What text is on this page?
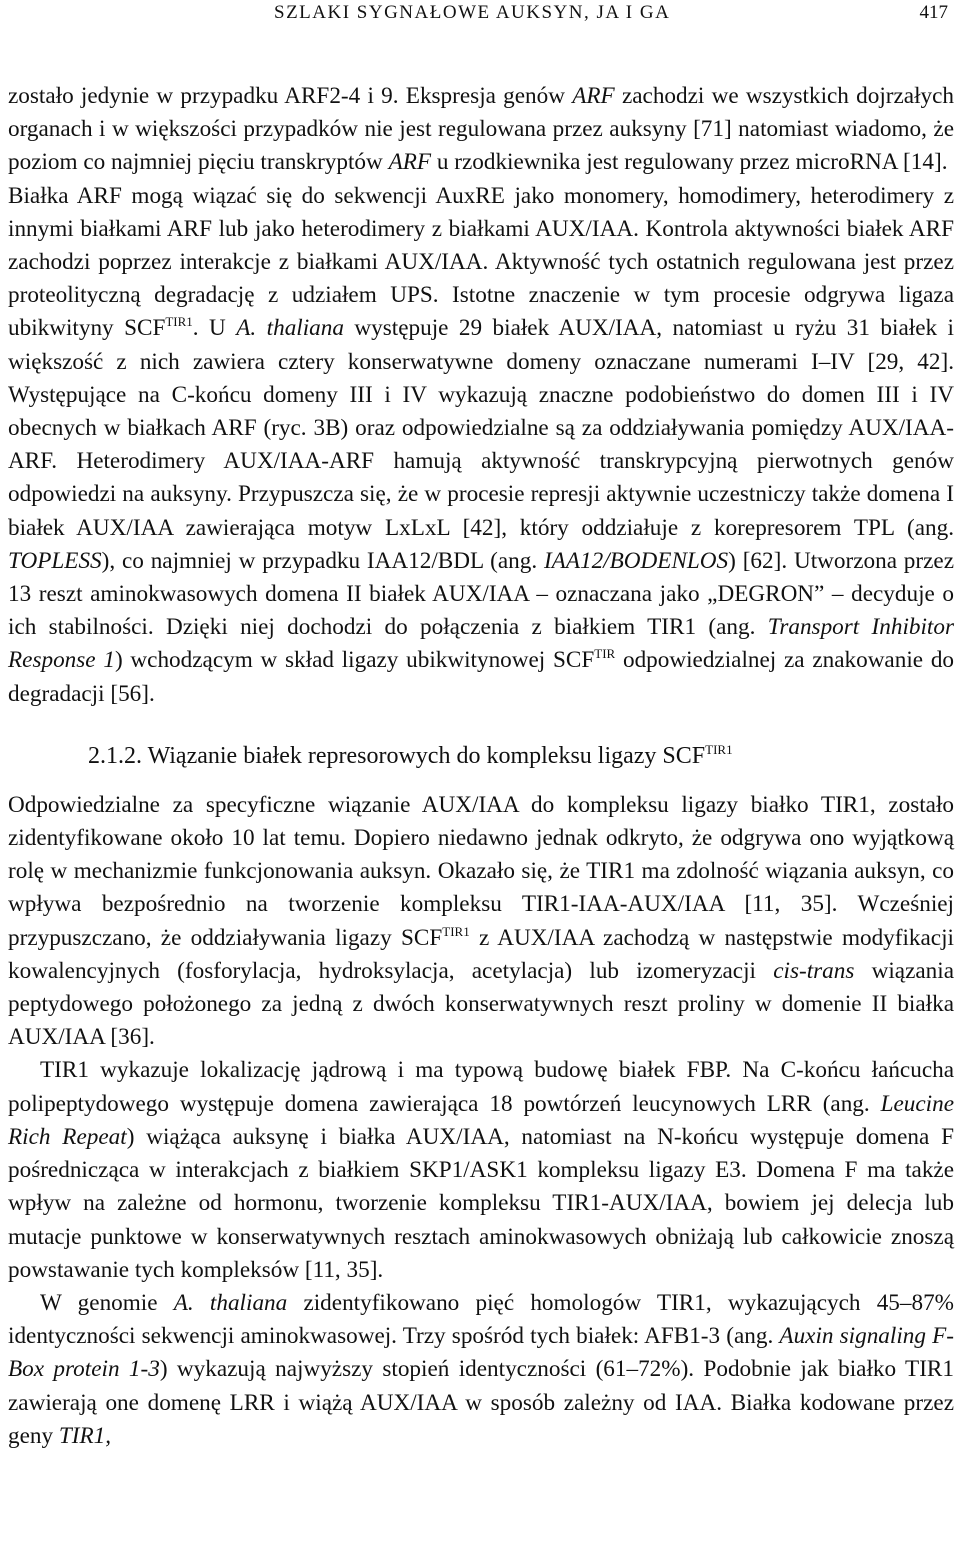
SZLAKI SYGNAŁOWE AUKSYN, JA I GA	417

zostało jedynie w przypadku ARF2-4 i 9. Ekspresja genów ARF zachodzi we wszystkich dojrzałych organach i w większości przypadków nie jest regulowana przez auksyny [71] natomiast wiadomo, że poziom co najmniej pięciu transkryptów ARF u rzodkiewnika jest regulowany przez microRNA [14].

Białka ARF mogą wiązać się do sekwencji AuxRE jako monomery, homodimery, heterodimery z innymi białkami ARF lub jako heterodimery z białkami AUX/IAA. Kontrola aktywności białek ARF zachodzi poprzez interakcje z białkami AUX/IAA. Aktywność tych ostatnich regulowana jest przez proteolityczną degradację z udziałem UPS. Istotne znaczenie w tym procesie odgrywa ligaza ubikwityny $SCF^{TIR1}$. U A. thaliana występuje 29 białek AUX/IAA, natomiast u ryżu 31 białek i większość z nich zawiera cztery konserwatywne domeny oznaczane numerami I–IV [29, 42]. Występujące na C-końcu domeny III i IV wykazują znaczne podobieństwo do domen III i IV obecnych w białkach ARF (ryc. 3B) oraz odpowiedzialne są za oddziaływania pomiędzy AUX/IAA-ARF. Heterodimery AUX/IAA-ARF hamują aktywność transkrypcyjną pierwotnych genów odpowiedzi na auksyny. Przypuszcza się, że w procesie represji aktywnie uczestniczy także domena I białek AUX/IAA zawierająca motyw LxLxL [42], który oddziałuje z korepresorem TPL (ang. TOPLESS), co najmniej w przypadku IAA12/BDL (ang. IAA12/BODENLOS) [62]. Utworzona przez 13 reszt aminokwasowych domena II białek AUX/IAA – oznaczana jako „DEGRON” – decyduje o ich stabilności. Dzięki niej dochodzi do połączenia z białkiem TIR1 (ang. Transport Inhibitor Response 1) wchodzącym w skład ligazy ubikwitynowej $SCF^{TIR}$ odpowiedzialnej za znakowanie do degradacji [56].

2.1.2. Wiązanie białek represorowych do kompleksu ligazy $SCF^{TIR1}$

Odpowiedzialne za specyficzne wiązanie AUX/IAA do kompleksu ligazy białko TIR1, zostało zidentyfikowane około 10 lat temu. Dopiero niedawno jednak odkryto, że odgrywa ono wyjątkową rolę w mechanizmie funkcjonowania auksyn. Okazało się, że TIR1 ma zdolność wiązania auksyn, co wpływa bezpośrednio na tworzenie kompleksu TIR1-IAA-AUX/IAA [11, 35]. Wcześniej przypuszczano, że oddziaływania ligazy $SCF^{TIR1}$ z AUX/IAA zachodzą w następstwie modyfikacji kowalencyjnych (fosforylacja, hydroksylacja, acetylacja) lub izomeryzacji cis-trans wiązania peptydowego położonego za jedną z dwóch konserwatywnych reszt proliny w domenie II białka AUX/IAA [36].

TIR1 wykazuje lokalizację jądrową i ma typową budowę białek FBP. Na C-końcu łańcucha polipeptydowego występuje domena zawierająca 18 powtórzeń leucynowych LRR (ang. Leucine Rich Repeat) wiążąca auksynę i białka AUX/IAA, natomiast na N-końcu występuje domena F pośrednicząca w interakcjach z białkiem SKP1/ASK1 kompleksu ligazy E3. Domena F ma także wpływ na zależne od hormonu, tworzenie kompleksu TIR1-AUX/IAA, bowiem jej delecja lub mutacje punktowe w konserwatywnych resztach aminokwasowych obniżają lub całkowicie znoszą powstawanie tych kompleksów [11, 35].

W genomie A. thaliana zidentyfikowano pięć homologów TIR1, wykazujących 45–87% identyczności sekwencji aminokwasowej. Trzy spośród tych białek: AFB1-3 (ang. Auxin signaling F-Box protein 1-3) wykazują najwyższy stopień identyczności (61–72%). Podobnie jak białko TIR1 zawierają one domenę LRR i wiążą AUX/IAA w sposób zależny od IAA. Białka kodowane przez geny TIR1,
